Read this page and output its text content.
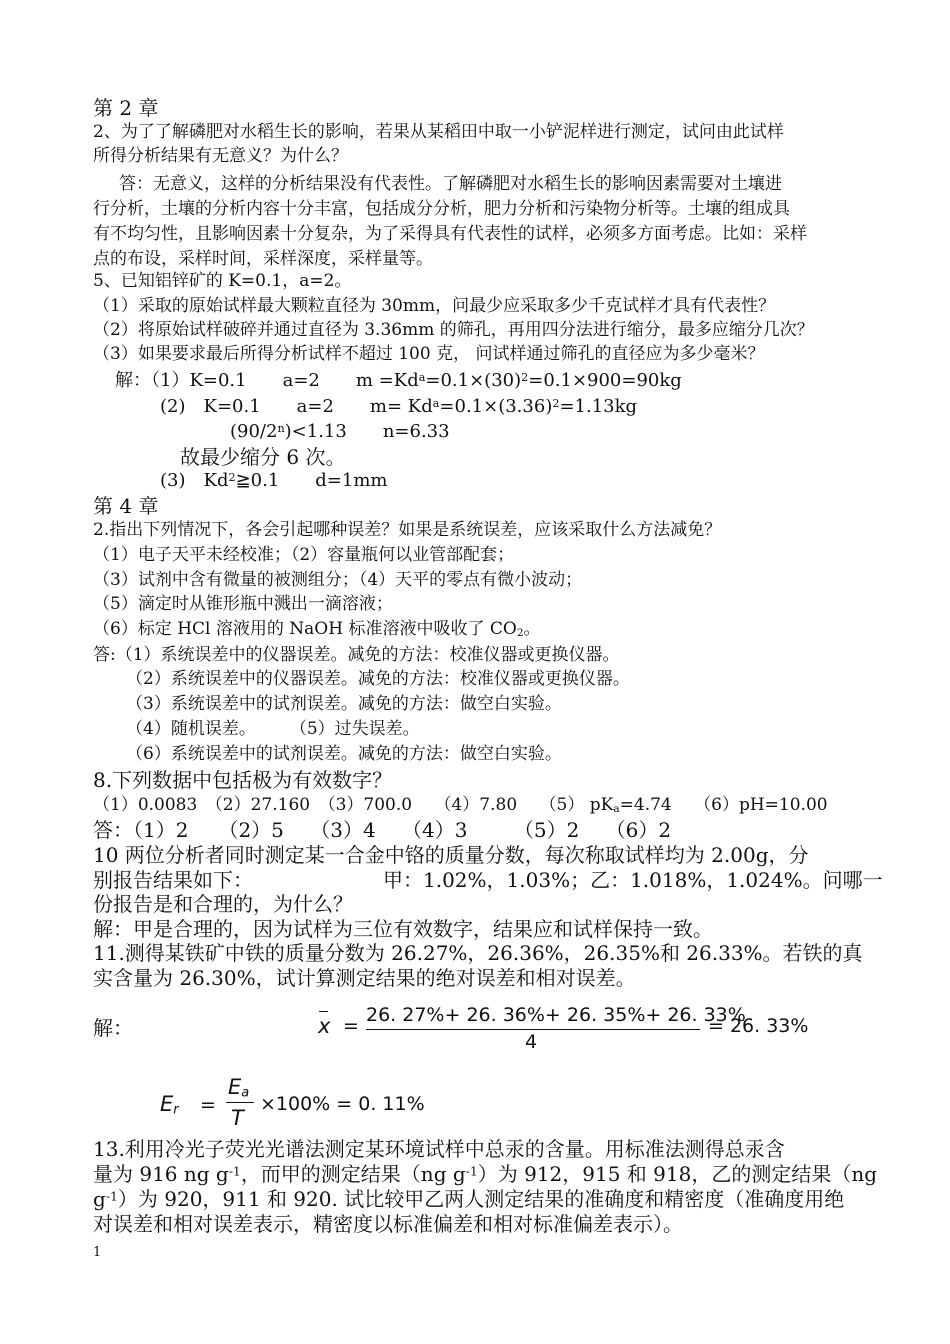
第 2 章
2、为了了解磷肥对水稻生长的影响，若果从某稻田中取一小铲泥样进行测定，试问由此试样
所得分析结果有无意义？为什么？
答：无意义，这样的分析结果没有代表性。了解磷肥对水稻生长的影响因素需要对土壤进
行分析，土壤的分析内容十分丰富，包括成分分析，肥力分析和污染物分析等。土壤的组成具
有不均匀性，且影响因素十分复杂，为了采得具有代表性的试样，必须多方面考虑。比如：采样
点的布设，采样时间，采样深度，采样量等。
5、已知铝锌矿的 K=0.1，a=2。
（1）采取的原始试样最大颗粒直径为 30mm，问最少应采取多少千克试样才具有代表性？
（2）将原始试样破碎并通过直径为 3.36mm 的筛孔，再用四分法进行缩分，最多应缩分几次？
（3）如果要求最后所得分析试样不超过 100 克， 问试样通过筛孔的直径应为多少毫米？
解：（1）K=0.1　　a=2　　$m =Kd^a=0.1\times(30)^2=0.1\times 900=90kg$
(2)　K=0.1　　a=2　　$m= Kd^a=0.1\times(3.36)^2=1.13kg$
$(90/2^n)<1.13$　　n=6.33
故最少缩分 6 次。
(3)　Kd$^2$≧0.1　　d=1mm
第 4 章
2.指出下列情况下，各会引起哪种误差？如果是系统误差，应该采取什么方法减免？
（1）电子天平未经校准；（2）容量瓶何以业管部配套；
（3）试剂中含有微量的被测组分；（4）天平的零点有微小波动；
（5）滴定时从锥形瓶中溅出一滴溶液；
（6）标定 HCl 溶液用的 NaOH 标准溶液中吸收了 $CO_2$。
答:（1）系统误差中的仪器误差。减免的方法：校准仪器或更换仪器。
（2）系统误差中的仪器误差。减免的方法：校准仪器或更换仪器。
（3）系统误差中的试剂误差。减免的方法：做空白实验。
（4）随机误差。　　　（5）过失误差。
（6）系统误差中的试剂误差。减免的方法：做空白实验。
8.下列数据中包括极为有效数字？
（1）0.0083　（2）27.160　（3）700.0　 （4）7.80　 （5） $pK_a=4.74$　 （6）pH=10.00
答：（1）2　　（2）5　 （3）4　 （4）3　　 （5）2　 （6）2
10 两位分析者同时测定某一合金中铬的质量分数，每次称取试样均为 2.00g，分
别报告结果如下：　　　　　　　甲：1.02%，1.03%；乙：1.018%，1.024%。问哪一
份报告是和合理的，为什么？
解：甲是合理的，因为试样为三位有效数字，结果应和试样保持一致。
11.测得某铁矿中铁的质量分数为 26.27%，26.36%，26.35%和 26.33%。若铁的真
实含量为 26.30%，试计算测定结果的绝对误差和相对误差。
解：	x = 26. 27%+ 26. 36%+ 26. 35%+ 26. 33%
4
= 26. 33%
$E_r$ =
$E_a$
T
×100% = 0. 11%
13.利用冷光子荧光光谱法测定某环境试样中总汞的含量。用标准法测得总汞含
量为 916 ng $g^{-1}$，而甲的测定结果（ng $g^{-1}$）为 912，915 和 918，乙的测定结果（ng
$g^{-1}$）为 920，911 和 920. 试比较甲乙两人测定结果的准确度和精密度（准确度用绝
对误差和相对误差表示，精密度以标准偏差和相对标准偏差表示）。
1
